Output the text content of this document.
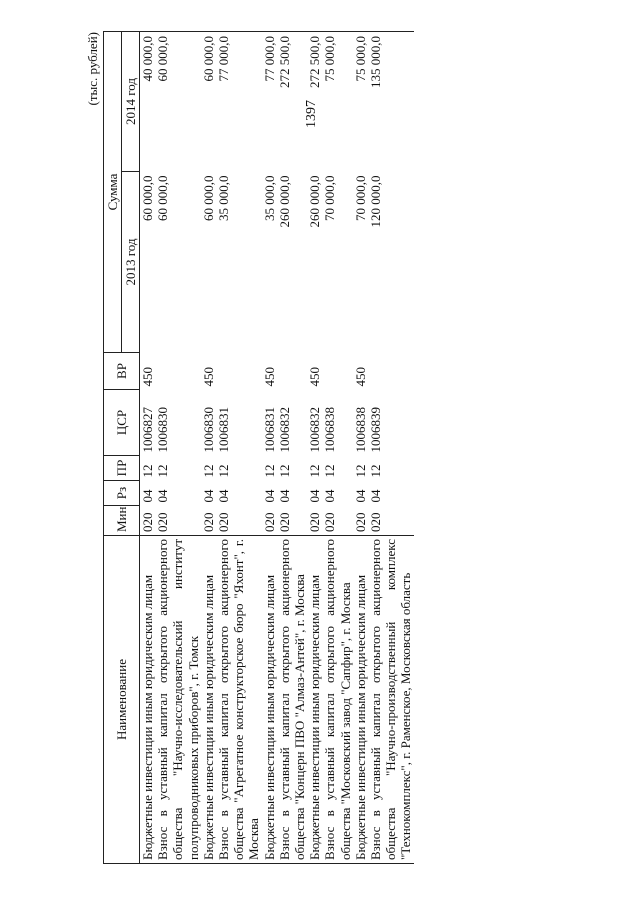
1397
(тыс. рублей)
Наименование	Мин	Рз	ПР	ЦСР	ВР	Сумма	
						2013 год	2014 год
Бюджетные инвестиции иным юридическим лицам	020	04	12	1006827	450	60 000,0	40 000,0
Взнос в уставный капитал открытого акционерного общества "Научно-исследовательский институт полупроводниковых приборов", г. Томск	020	04	12	1006830		60 000,0	60 000,0
Бюджетные инвестиции иным юридическим лицам	020	04	12	1006830	450	60 000,0	60 000,0
Взнос в уставный капитал открытого акционерного общества "Агрегатное конструкторское бюро "Яхонт", г. Москва	020	04	12	1006831		35 000,0	77 000,0
Бюджетные инвестиции иным юридическим лицам	020	04	12	1006831	450	35 000,0	77 000,0
Взнос в уставный капитал открытого акционерного общества "Концерн ПВО "Алмаз-Антей", г. Москва	020	04	12	1006832		260 000,0	272 500,0
Бюджетные инвестиции иным юридическим лицам	020	04	12	1006832	450	260 000,0	272 500,0
Взнос в уставный капитал открытого акционерного общества "Московский завод "Сапфир", г. Москва	020	04	12	1006838		70 000,0	75 000,0
Бюджетные инвестиции иным юридическим лицам	020	04	12	1006838	450	70 000,0	75 000,0
Взнос в уставный капитал открытого акционерного общества "Научно-производственный комплекс "Технокомплекс", г. Раменское, Московская область	020	04	12	1006839		120 000,0	135 000,0
